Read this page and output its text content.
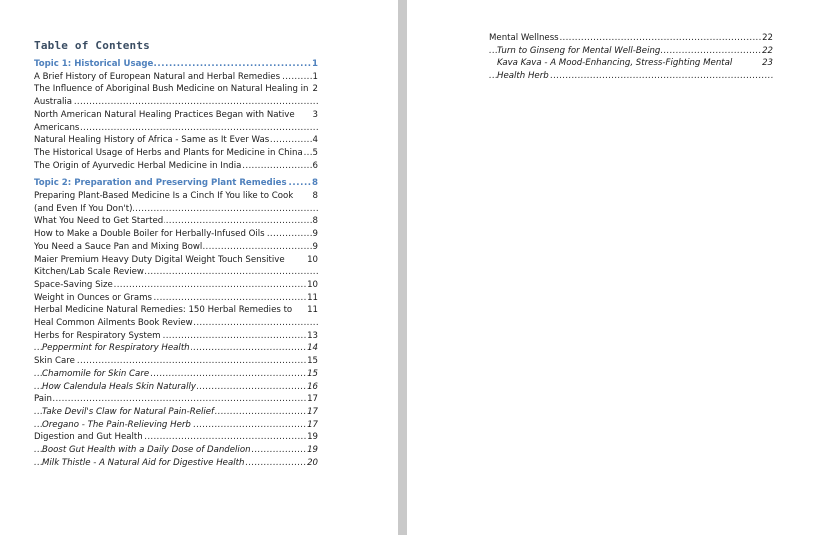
Table of Contents
1
Topic 1: Historical Usage . . .
1
A Brief History of European Natural and Herbal Remedies . . .
2
The Influence of Aboriginal Bush Medicine on Natural Healing in Australia . . .
3
North American Natural Healing Practices Began with Native Americans . . .
4
Natural Healing History of Africa - Same as It Ever Was . . .
5
The Historical Usage of Herbs and Plants for Medicine in China . . .
6
The Origin of Ayurvedic Herbal Medicine in India . . .
8
Topic 2: Preparation and Preserving Plant Remedies . . .
8
Preparing Plant-Based Medicine Is a Cinch If You like to Cook (and Even If You Don't) . . .
8
What You Need to Get Started . . .
9
How to Make a Double Boiler for Herbally-Infused Oils . . .
9
You Need a Sauce Pan and Mixing Bowl . . .
10
Maier Premium Heavy Duty Digital Weight Touch Sensitive Kitchen/Lab Scale Review . . .
10
Space-Saving Size . . .
11
Weight in Ounces or Grams . . .
11
Herbal Medicine Natural Remedies: 150 Herbal Remedies to Heal Common Ailments Book Review . . .
13
Herbs for Respiratory System . . .
14
Peppermint for Respiratory Health . . .
15
Skin Care . . .
15
Chamomile for Skin Care . . .
16
How Calendula Heals Skin Naturally . . .
17
Pain . . .
17
Take Devil's Claw for Natural Pain-Relief . . .
17
Oregano - The Pain-Relieving Herb . . .
19
Digestion and Gut Health . . .
19
Boost Gut Health with a Daily Dose of Dandelion . . .
20
Milk Thistle - A Natural Aid for Digestive Health . . .
22
Mental Wellness . . .
22
Turn to Ginseng for Mental Well-Being . . .
23
Kava Kava - A Mood-Enhancing, Stress-Fighting Mental Health Herb . . .
